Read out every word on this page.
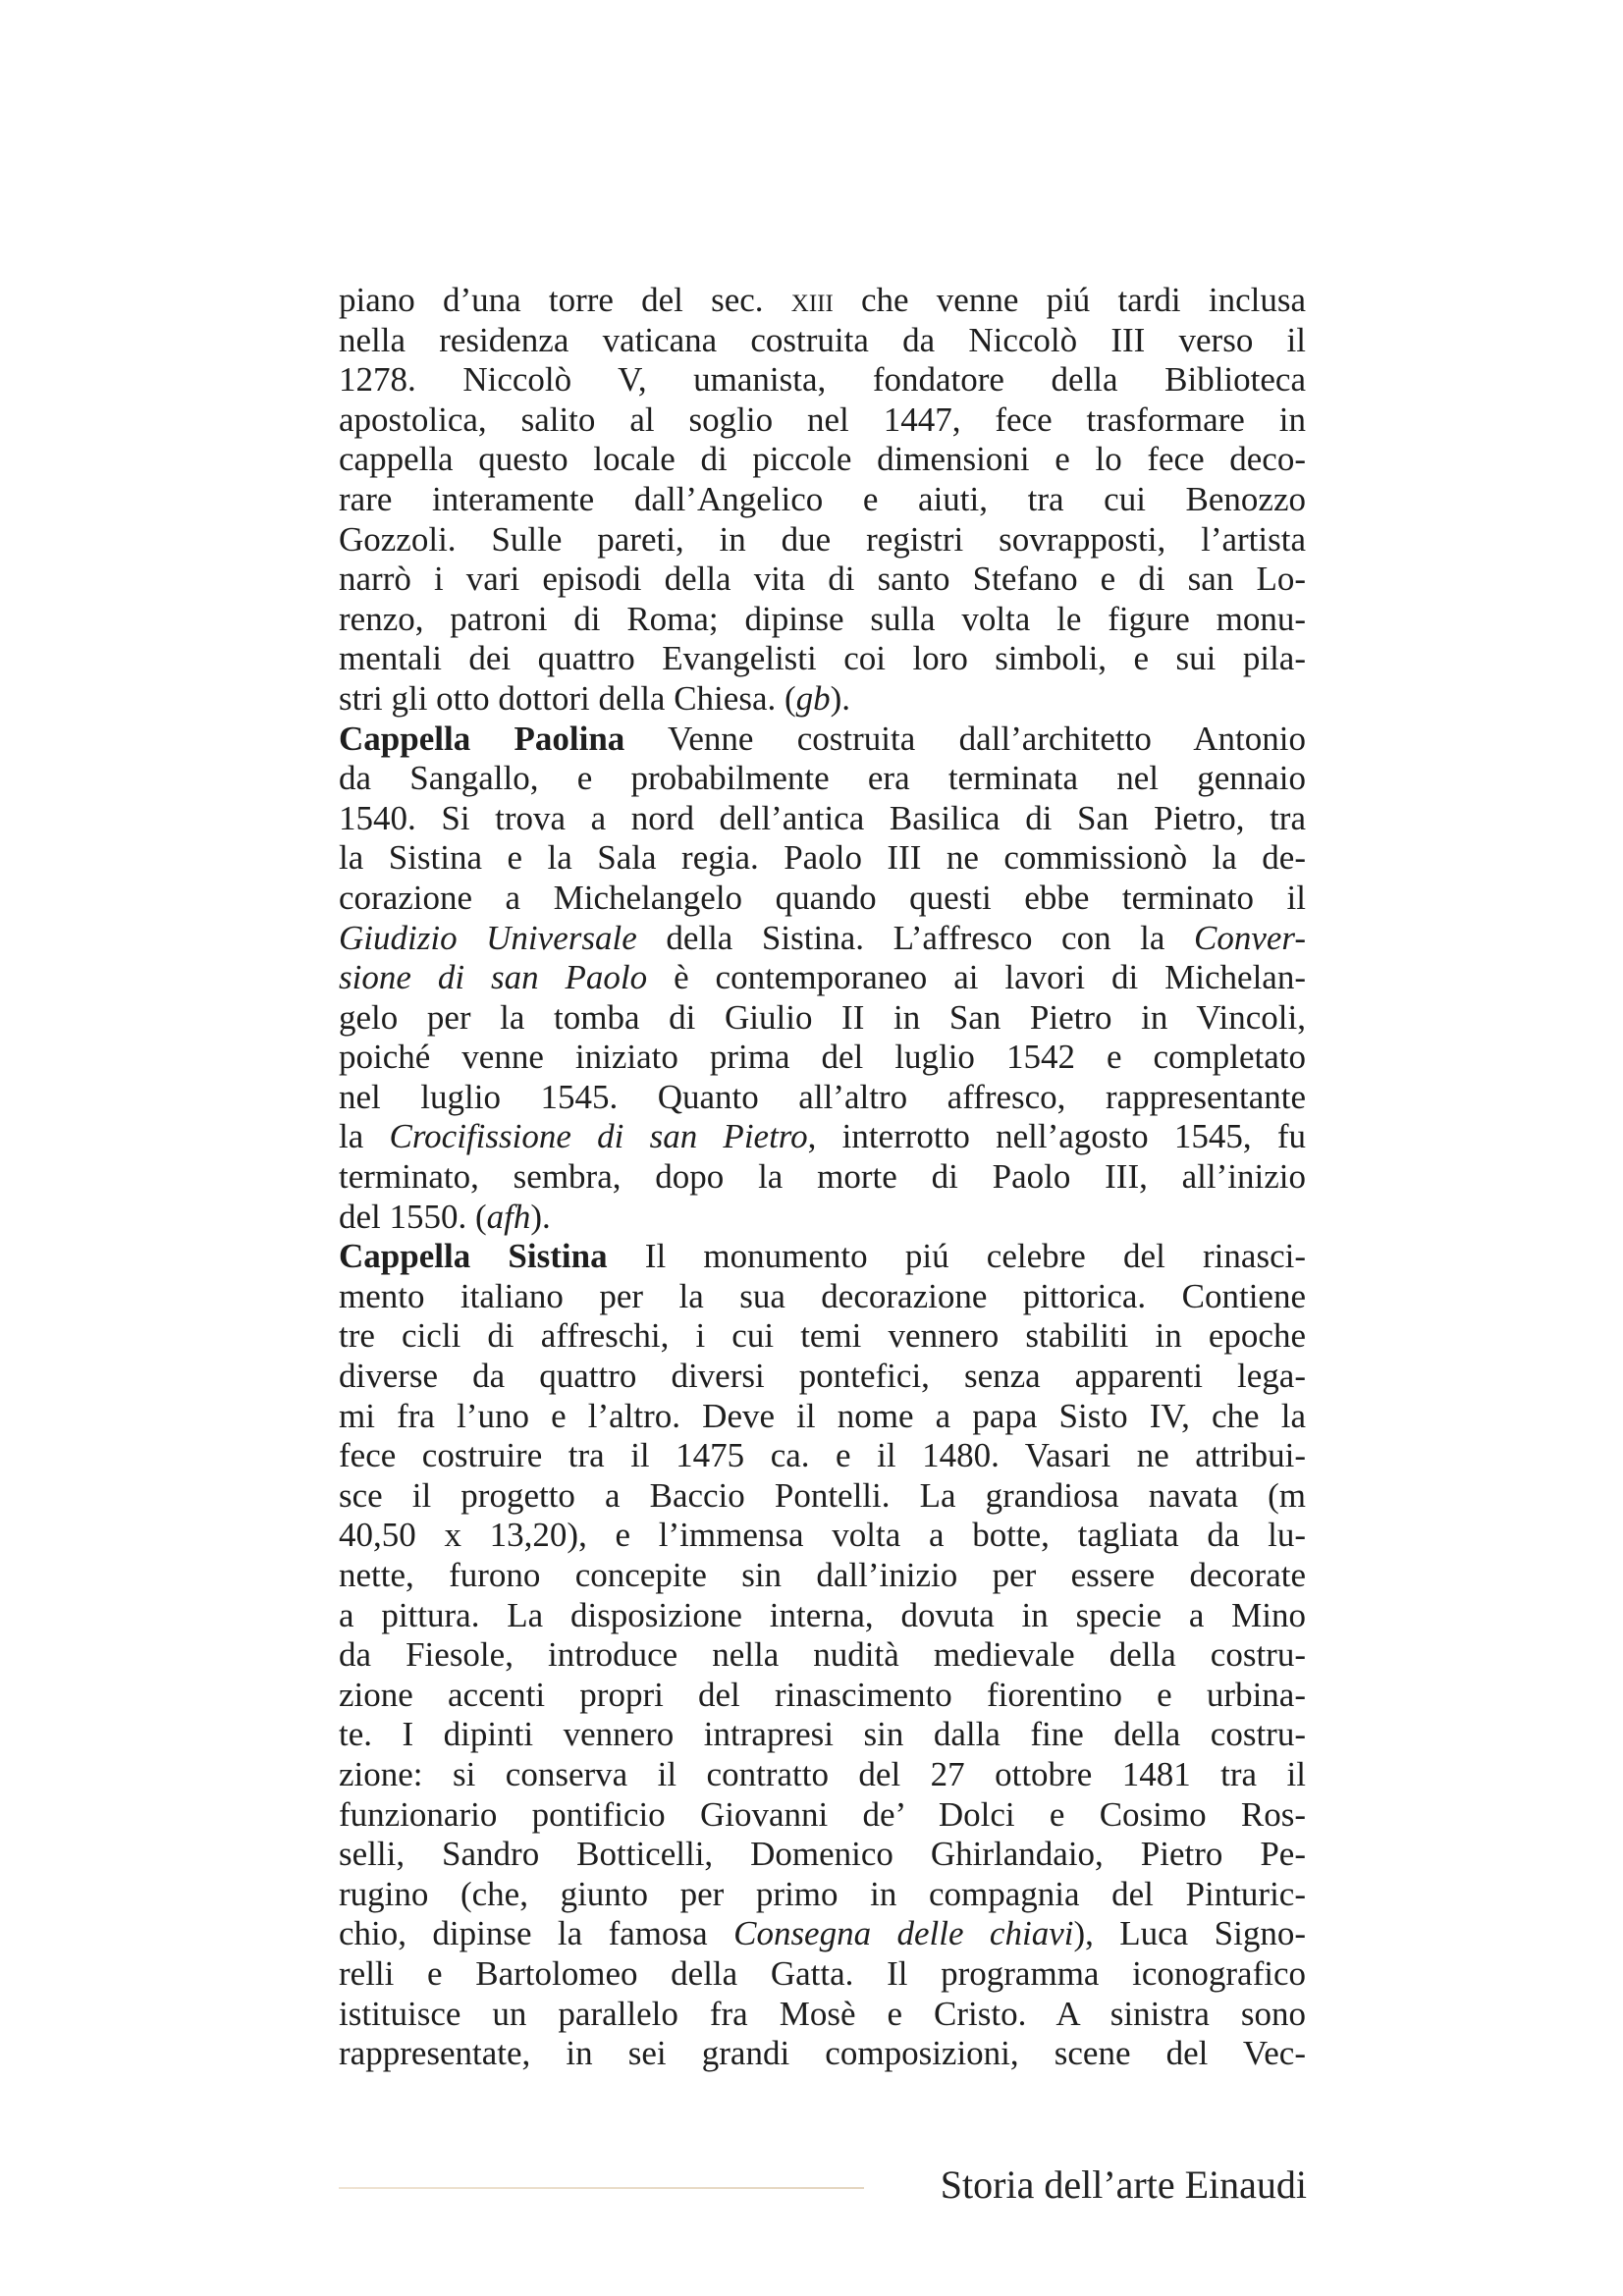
piano d’una torre del sec. xiii che venne piú tardi inclusa
nella residenza vaticana costruita da Niccolò III verso il
1278. Niccolò V, umanista, fondatore della Biblioteca
apostolica, salito al soglio nel 1447, fece trasformare in
cappella questo locale di piccole dimensioni e lo fece deco-
rare interamente dall’Angelico e aiuti, tra cui Benozzo
Gozzoli. Sulle pareti, in due registri sovrapposti, l’artista
narrò i vari episodi della vita di santo Stefano e di san Lo-
renzo, patroni di Roma; dipinse sulla volta le figure monu-
mentali dei quattro Evangelisti coi loro simboli, e sui pila-
stri gli otto dottori della Chiesa. (gb).
Cappella Paolina Venne costruita dall’architetto Antonio
da Sangallo, e probabilmente era terminata nel gennaio
1540. Si trova a nord dell’antica Basilica di San Pietro, tra
la Sistina e la Sala regia. Paolo III ne commissionò la de-
corazione a Michelangelo quando questi ebbe terminato il
Giudizio Universale della Sistina. L’affresco con la Conver-
sione di san Paolo è contemporaneo ai lavori di Michelan-
gelo per la tomba di Giulio II in San Pietro in Vincoli,
poiché venne iniziato prima del luglio 1542 e completato
nel luglio 1545. Quanto all’altro affresco, rappresentante
la Crocifissione di san Pietro, interrotto nell’agosto 1545, fu
terminato, sembra, dopo la morte di Paolo III, all’inizio
del 1550. (afh).
Cappella Sistina Il monumento piú celebre del rinasci-
mento italiano per la sua decorazione pittorica. Contiene
tre cicli di affreschi, i cui temi vennero stabiliti in epoche
diverse da quattro diversi pontefici, senza apparenti lega-
mi fra l’uno e l’altro. Deve il nome a papa Sisto IV, che la
fece costruire tra il 1475 ca. e il 1480. Vasari ne attribui-
sce il progetto a Baccio Pontelli. La grandiosa navata (m
40,50 x 13,20), e l’immensa volta a botte, tagliata da lu-
nette, furono concepite sin dall’inizio per essere decorate
a pittura. La disposizione interna, dovuta in specie a Mino
da Fiesole, introduce nella nudità medievale della costru-
zione accenti propri del rinascimento fiorentino e urbina-
te. I dipinti vennero intrapresi sin dalla fine della costru-
zione: si conserva il contratto del 27 ottobre 1481 tra il
funzionario pontificio Giovanni de’ Dolci e Cosimo Ros-
selli, Sandro Botticelli, Domenico Ghirlandaio, Pietro Pe-
rugino (che, giunto per primo in compagnia del Pinturic-
chio, dipinse la famosa Consegna delle chiavi), Luca Signo-
relli e Bartolomeo della Gatta. Il programma iconografico
istituisce un parallelo fra Mosè e Cristo. A sinistra sono
rappresentate, in sei grandi composizioni, scene del Vec-
Storia dell’arte Einaudi
